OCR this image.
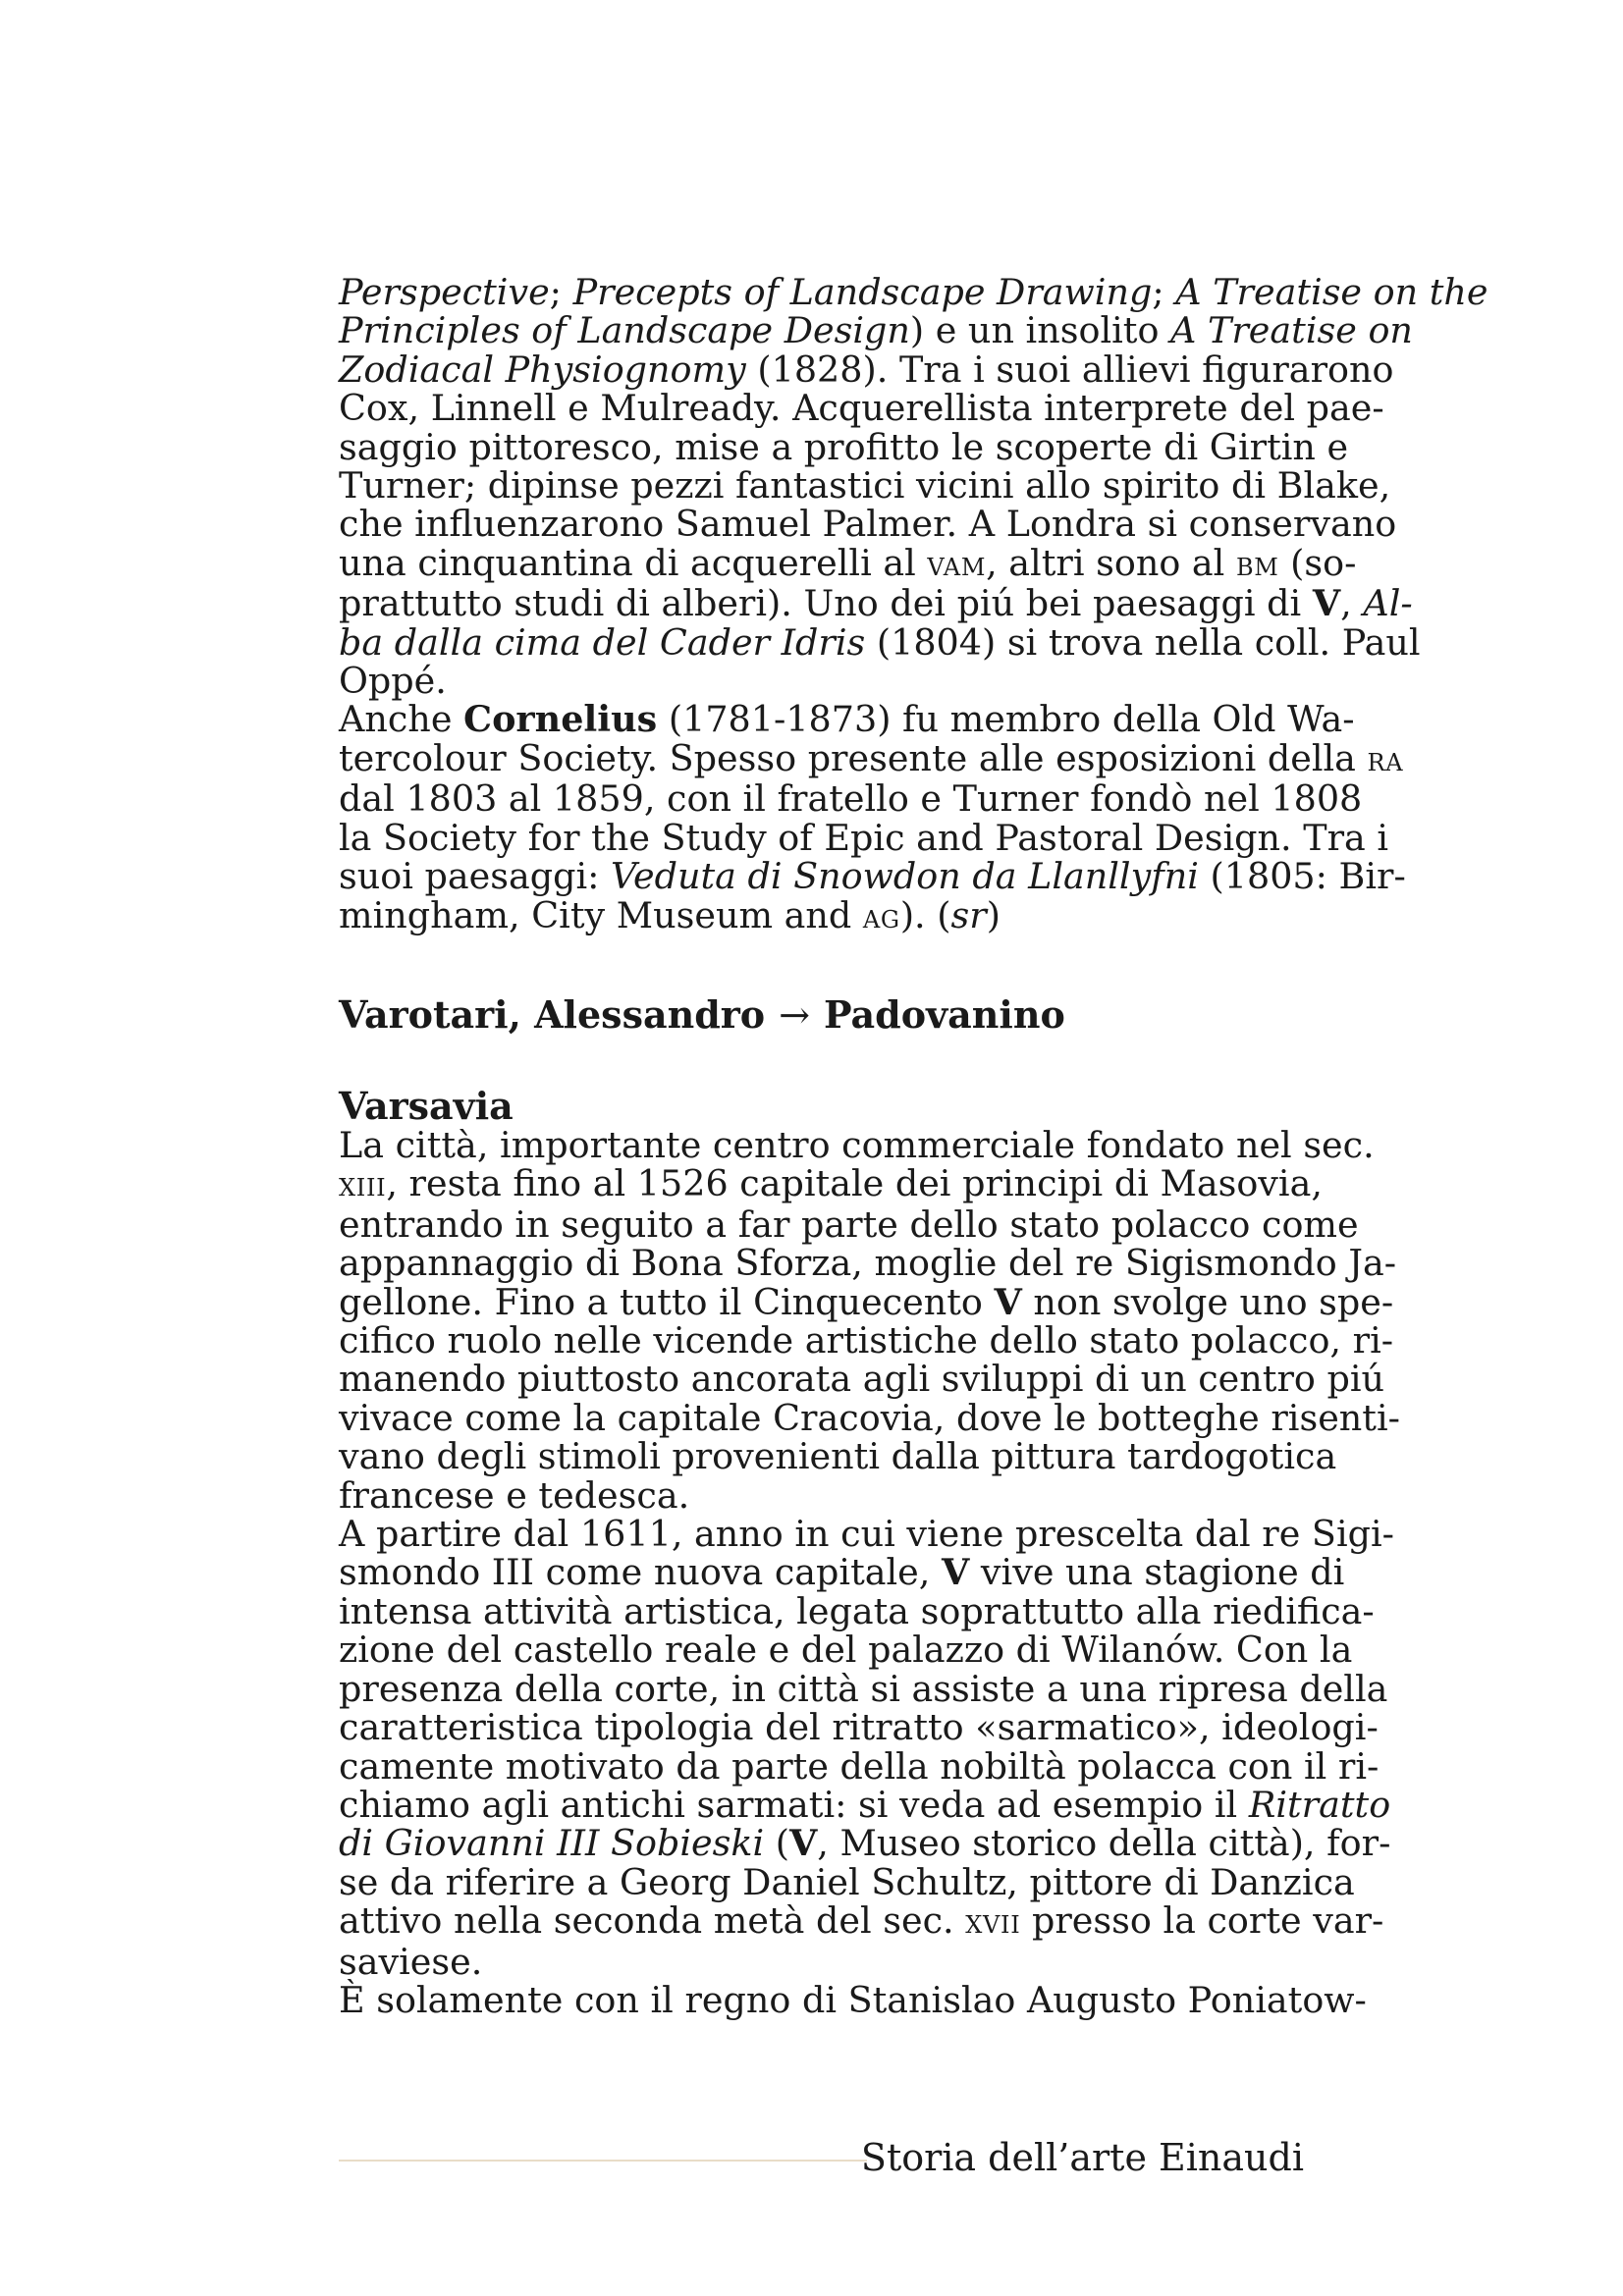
Perspective; Precepts of Landscape Drawing; A Treatise on the
Principles of Landscape Design) e un insolito A Treatise on
Zodiacal Physiognomy (1828). Tra i suoi allievi figurarono
Cox, Linnell e Mulready. Acquerellista interprete del pae-
saggio pittoresco, mise a profitto le scoperte di Girtin e
Turner; dipinse pezzi fantastici vicini allo spirito di Blake,
che influenzarono Samuel Palmer. A Londra si conservano
una cinquantina di acquerelli al vam, altri sono al bm (so-
prattutto studi di alberi). Uno dei piú bei paesaggi di V, Al-
ba dalla cima del Cader Idris (1804) si trova nella coll. Paul
Oppé.
Anche Cornelius (1781-1873) fu membro della Old Wa-
tercolour Society. Spesso presente alle esposizioni della ra
dal 1803 al 1859, con il fratello e Turner fondò nel 1808
la Society for the Study of Epic and Pastoral Design. Tra i
suoi paesaggi: Veduta di Snowdon da Llanllyfni (1805: Bir-
mingham, City Museum and ag). (sr)
Varotari, Alessandro → Padovanino
Varsavia
La città, importante centro commerciale fondato nel sec.
xiii, resta fino al 1526 capitale dei principi di Masovia,
entrando in seguito a far parte dello stato polacco come
appannaggio di Bona Sforza, moglie del re Sigismondo Ja-
gellone. Fino a tutto il Cinquecento V non svolge uno spe-
cifico ruolo nelle vicende artistiche dello stato polacco, ri-
manendo piuttosto ancorata agli sviluppi di un centro piú
vivace come la capitale Cracovia, dove le botteghe risenti-
vano degli stimoli provenienti dalla pittura tardogotica
francese e tedesca.
A partire dal 1611, anno in cui viene prescelta dal re Sigi-
smondo III come nuova capitale, V vive una stagione di
intensa attività artistica, legata soprattutto alla riedifica-
zione del castello reale e del palazzo di Wilanów. Con la
presenza della corte, in città si assiste a una ripresa della
caratteristica tipologia del ritratto «sarmatico», ideologi-
camente motivato da parte della nobiltà polacca con il ri-
chiamo agli antichi sarmati: si veda ad esempio il Ritratto
di Giovanni III Sobieski (V, Museo storico della città), for-
se da riferire a Georg Daniel Schultz, pittore di Danzica
attivo nella seconda metà del sec. xvii presso la corte var-
saviese.
È solamente con il regno di Stanislao Augusto Poniatow-
Storia dell’arte Einaudi
